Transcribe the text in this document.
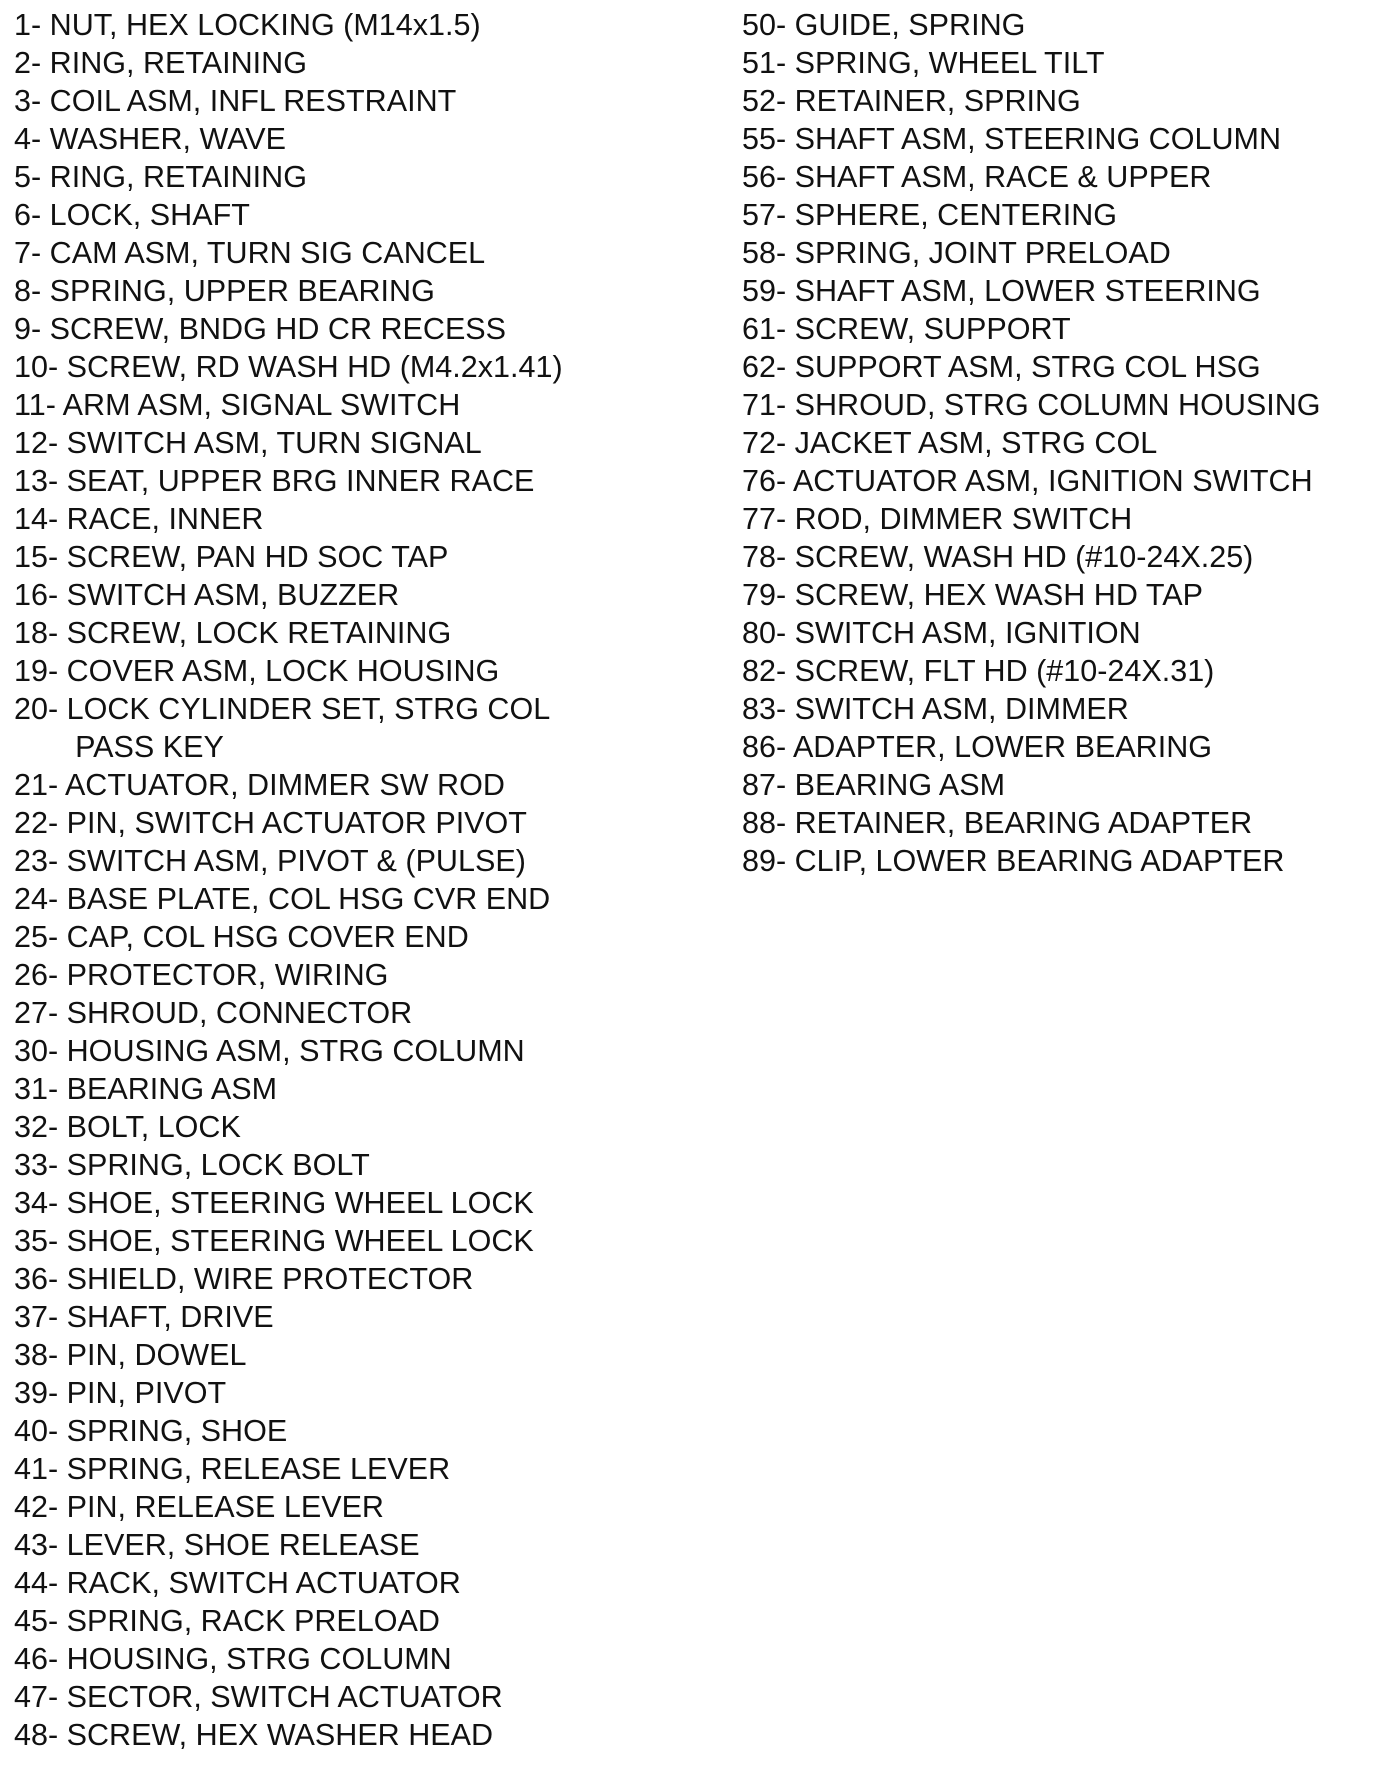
1- NUT, HEX LOCKING (M14x1.5)
2- RING, RETAINING
3- COIL ASM, INFL RESTRAINT
4- WASHER, WAVE
5- RING, RETAINING
6- LOCK, SHAFT
7- CAM ASM, TURN SIG CANCEL
8- SPRING, UPPER BEARING
9- SCREW, BNDG HD CR RECESS
10- SCREW, RD WASH HD (M4.2x1.41)
11- ARM ASM, SIGNAL SWITCH
12- SWITCH ASM, TURN SIGNAL
13- SEAT, UPPER BRG INNER RACE
14- RACE, INNER
15- SCREW, PAN HD SOC TAP
16- SWITCH ASM, BUZZER
18- SCREW, LOCK RETAINING
19- COVER ASM, LOCK HOUSING
20- LOCK CYLINDER SET, STRG COL
PASS KEY
21- ACTUATOR, DIMMER SW ROD
22- PIN, SWITCH ACTUATOR PIVOT
23- SWITCH ASM, PIVOT & (PULSE)
24- BASE PLATE, COL HSG CVR END
25- CAP, COL HSG COVER END
26- PROTECTOR, WIRING
27- SHROUD, CONNECTOR
30- HOUSING ASM, STRG COLUMN
31- BEARING ASM
32- BOLT, LOCK
33- SPRING, LOCK BOLT
34- SHOE, STEERING WHEEL LOCK
35- SHOE, STEERING WHEEL LOCK
36- SHIELD, WIRE PROTECTOR
37- SHAFT, DRIVE
38- PIN, DOWEL
39- PIN, PIVOT
40- SPRING, SHOE
41- SPRING, RELEASE LEVER
42- PIN, RELEASE LEVER
43- LEVER, SHOE RELEASE
44- RACK, SWITCH ACTUATOR
45- SPRING, RACK PRELOAD
46- HOUSING, STRG COLUMN
47- SECTOR, SWITCH ACTUATOR
48- SCREW, HEX WASHER HEAD
50- GUIDE, SPRING
51- SPRING, WHEEL TILT
52- RETAINER, SPRING
55- SHAFT ASM, STEERING COLUMN
56- SHAFT ASM, RACE & UPPER
57- SPHERE, CENTERING
58- SPRING, JOINT PRELOAD
59- SHAFT ASM, LOWER STEERING
61- SCREW, SUPPORT
62- SUPPORT ASM, STRG COL HSG
71- SHROUD, STRG COLUMN HOUSING
72- JACKET ASM, STRG COL
76- ACTUATOR ASM, IGNITION SWITCH
77- ROD, DIMMER SWITCH
78- SCREW, WASH HD (#10-24X.25)
79- SCREW, HEX WASH HD TAP
80- SWITCH ASM, IGNITION
82- SCREW, FLT HD (#10-24X.31)
83- SWITCH ASM, DIMMER
86- ADAPTER, LOWER BEARING
87- BEARING ASM
88- RETAINER, BEARING ADAPTER
89- CLIP, LOWER BEARING ADAPTER
